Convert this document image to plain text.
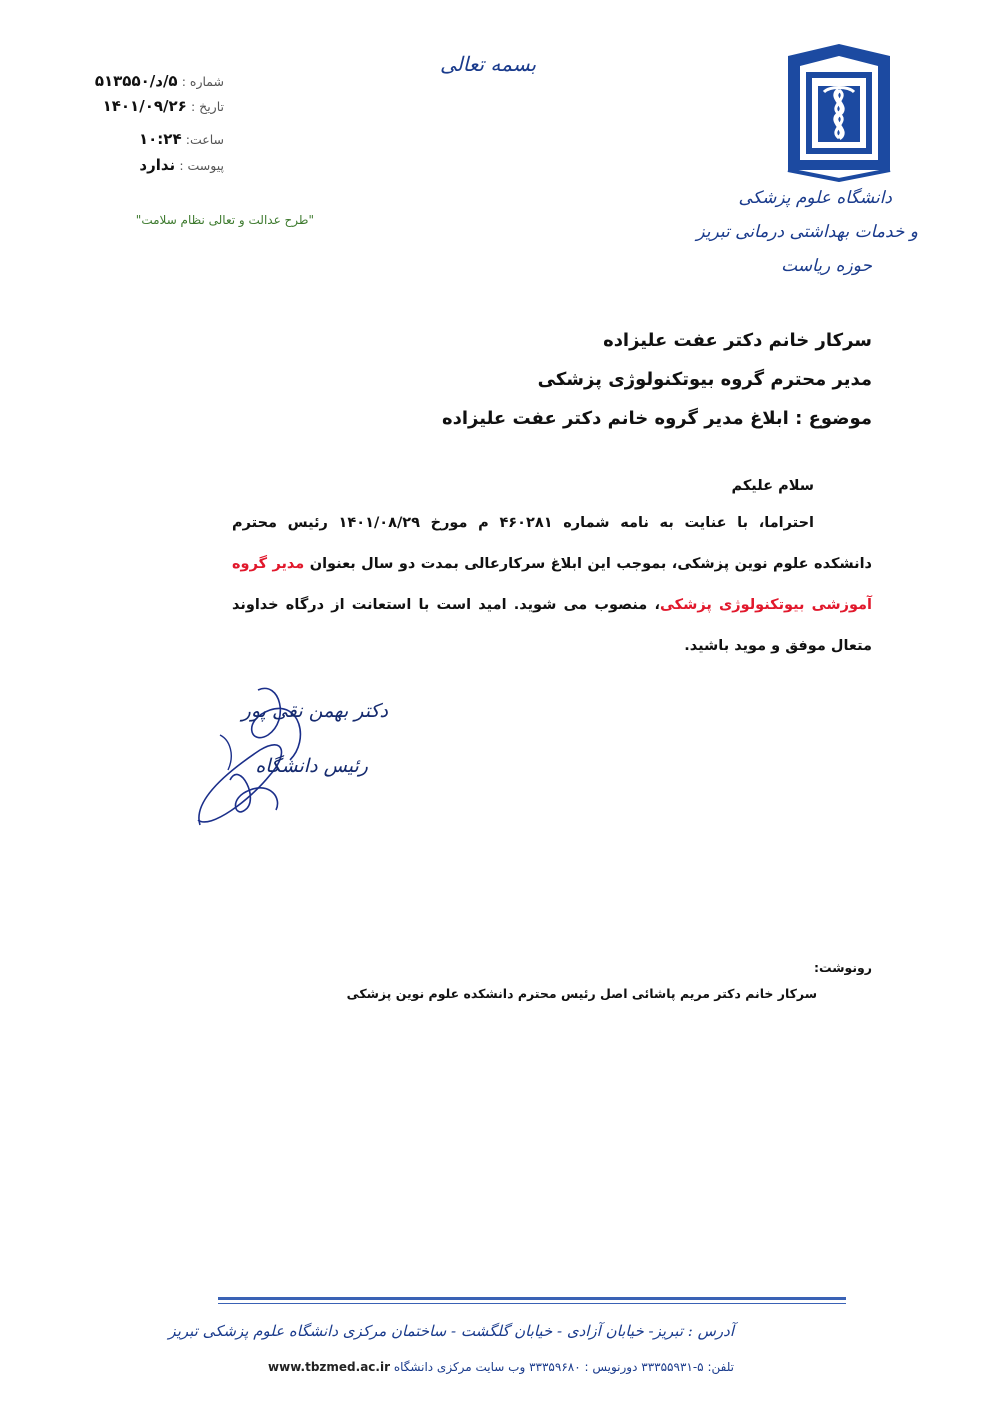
بسمه تعالی
شماره : ۵/د/۵۱۳۵۵۰
تاریخ : ۱۴۰۱/۰۹/۲۶
ساعت: ۱۰:۲۴
پیوست : ندارد
"طرح عدالت و تعالی نظام سلامت"
دانشگاه علوم پزشکی
و خدمات بهداشتی درمانی تبریز
حوزه ریاست
سرکار خانم دکتر عفت علیزاده
مدیر محترم گروه بیوتکنولوژی پزشکی
موضوع : ابلاغ مدیر گروه خانم دکتر عفت علیزاده
سلام علیکم
احتراما، با عنایت به نامه شماره ۴۶۰۲۸۱ م مورخ ۱۴۰۱/۰۸/۲۹ رئیس محترم دانشکده علوم نوین پزشکی، بموجب این ابلاغ سرکارعالی بمدت دو سال بعنوان مدیر گروه آموزشی بیوتکنولوژی پزشکی، منصوب می شوید. امید است با استعانت از درگاه خداوند متعال موفق و موید باشید.
دکتر بهمن نقی پور
رئیس دانشگاه
رونوشت:
سرکار خانم دکتر مریم پاشائی اصل رئیس محترم دانشکده علوم نوین پزشکی
آدرس : تبریز- خیابان آزادی - خیابان گلگشت - ساختمان مرکزی دانشگاه علوم پزشکی تبریز
تلفن: ۵-۳۳۳۵۵۹۳۱ دورنویس : ۳۳۳۵۹۶۸۰ وب سایت مرکزی دانشگاه www.tbzmed.ac.ir
